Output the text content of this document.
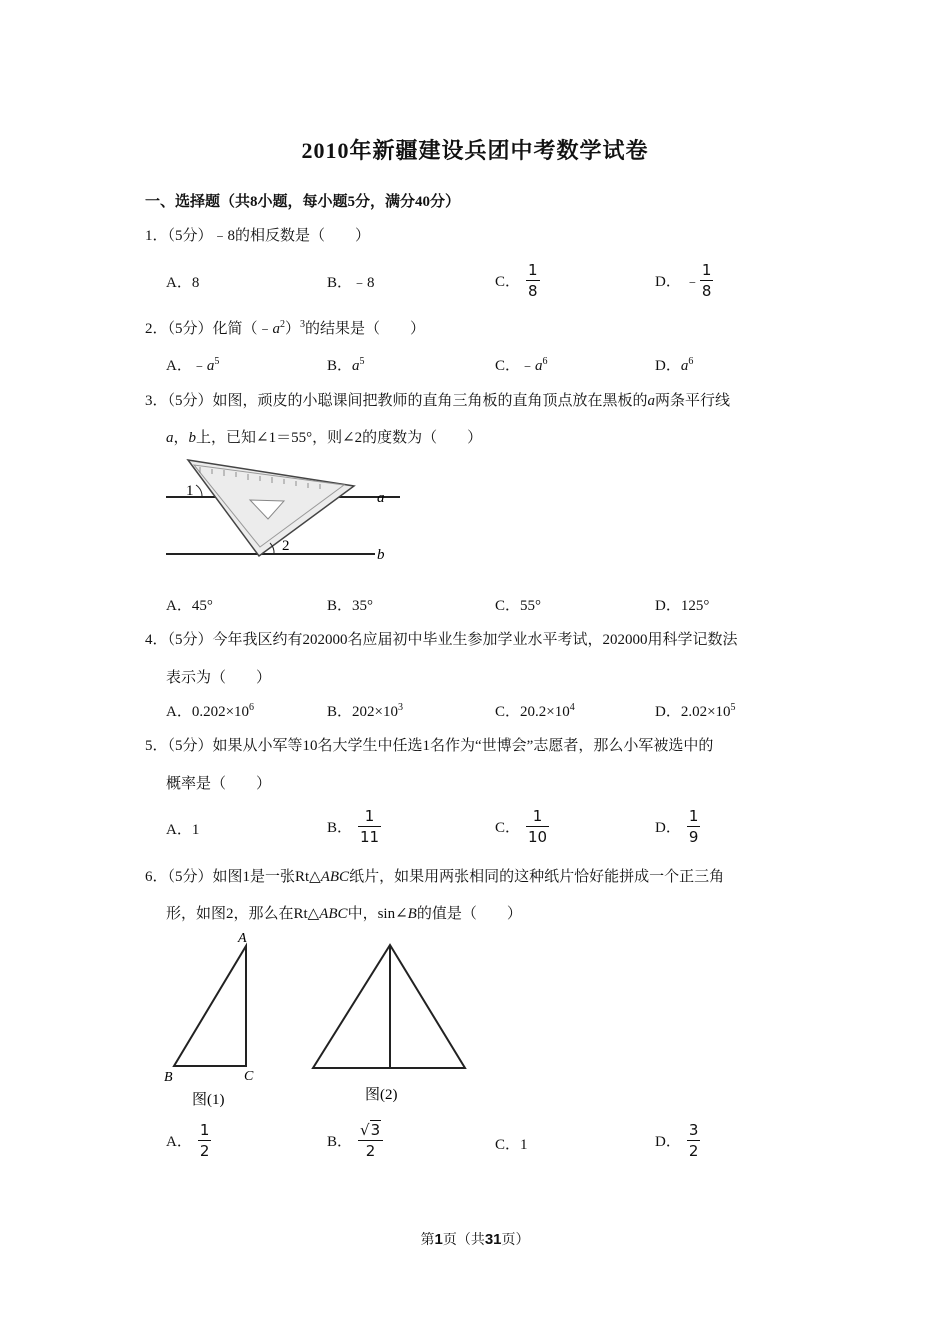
2010年新疆建设兵团中考数学试卷
一、选择题（共8小题，每小题5分，满分40分）
1．（5分）﹣8的相反数是（　　）
A．8	B．﹣8	C． $\frac{1}{8}$	D． ﹣ $\frac{1}{8}$
2．（5分）化简$(﹣a^2)^3$的结果是（　　）
A．$﹣a^5$	B．$a^5$	C．$﹣a^6$	D．$a^6$
3．（5分）如图，顽皮的小聪课间把教师的直角三角板的直角顶点放在黑板的a两条平行线
a，b上，已知∠1＝55°，则∠2的度数为（　　）
1
2
a
b
A．45°	B．35°	C．55°	D．125°
4．（5分）今年我区约有202000名应届初中毕业生参加学业水平考试，202000用科学记数法
表示为（　　）
A．$0.202\times 10^6$	B．$202\times 10^3$	C．$20.2\times 10^4$	D．$2.02\times 10^5$
5．（5分）如果从小军等10名大学生中任选1名作为“世博会”志愿者，那么小军被选中的
概率是（　　）
A．1	B． $\frac{1}{11}$	C． $\frac{1}{10}$	D． $\frac{1}{9}$
6．（5分）如图1是一张Rt△ABC纸片，如果用两张相同的这种纸片恰好能拼成一个正三角
形，如图2，那么在Rt△ABC中，sin∠B的值是（　　）
A
B	C
图(1)	图(2)
A． $\frac{1}{2}$	B． $\frac{√3}{2}$	C．1	D． $\frac{3}{2}$
第1页（共31页）
